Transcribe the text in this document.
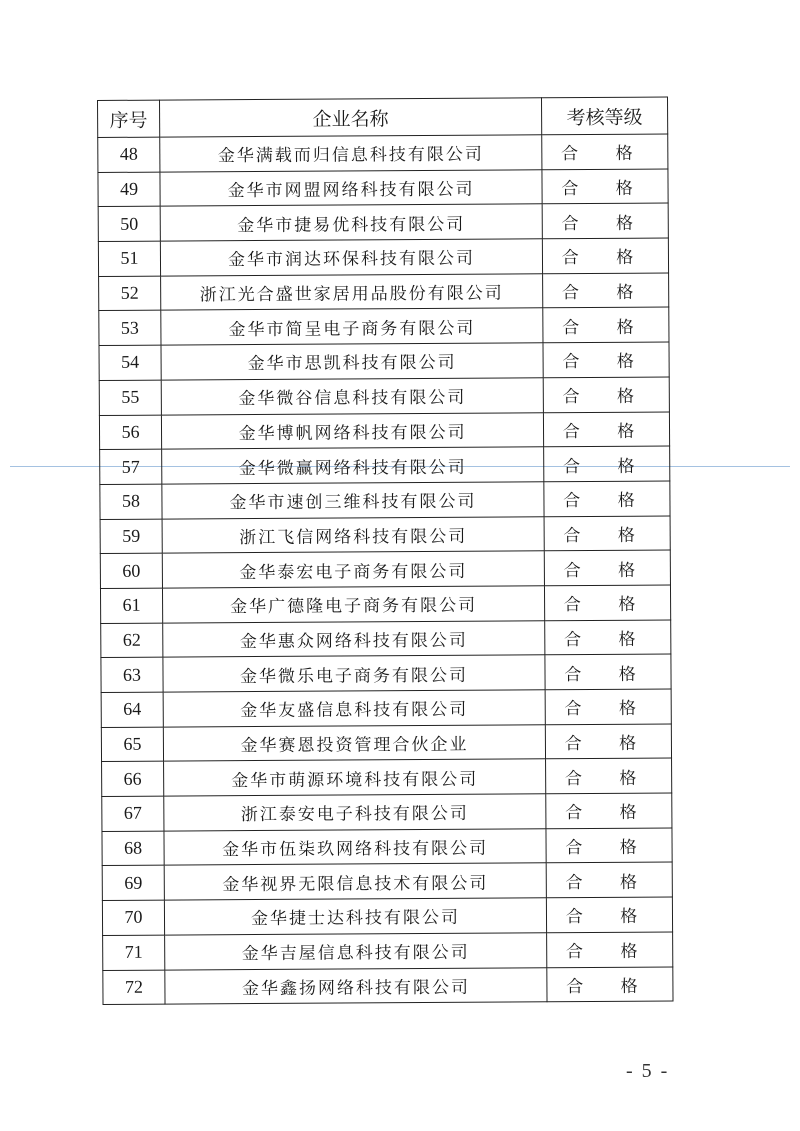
序号	企业名称	考核等级
48	金华满载而归信息科技有限公司	合 格
49	金华市网盟网络科技有限公司	合 格
50	金华市捷易优科技有限公司	合 格
51	金华市润达环保科技有限公司	合 格
52	浙江光合盛世家居用品股份有限公司	合 格
53	金华市简呈电子商务有限公司	合 格
54	金华市思凯科技有限公司	合 格
55	金华微谷信息科技有限公司	合 格
56	金华博帆网络科技有限公司	合 格
57	金华微赢网络科技有限公司	合 格
58	金华市速创三维科技有限公司	合 格
59	浙江飞信网络科技有限公司	合 格
60	金华泰宏电子商务有限公司	合 格
61	金华广德隆电子商务有限公司	合 格
62	金华惠众网络科技有限公司	合 格
63	金华微乐电子商务有限公司	合 格
64	金华友盛信息科技有限公司	合 格
65	金华赛恩投资管理合伙企业	合 格
66	金华市萌源环境科技有限公司	合 格
67	浙江泰安电子科技有限公司	合 格
68	金华市伍柒玖网络科技有限公司	合 格
69	金华视界无限信息技术有限公司	合 格
70	金华捷士达科技有限公司	合 格
71	金华吉屋信息科技有限公司	合 格
72	金华鑫扬网络科技有限公司	合 格
- 5 -
